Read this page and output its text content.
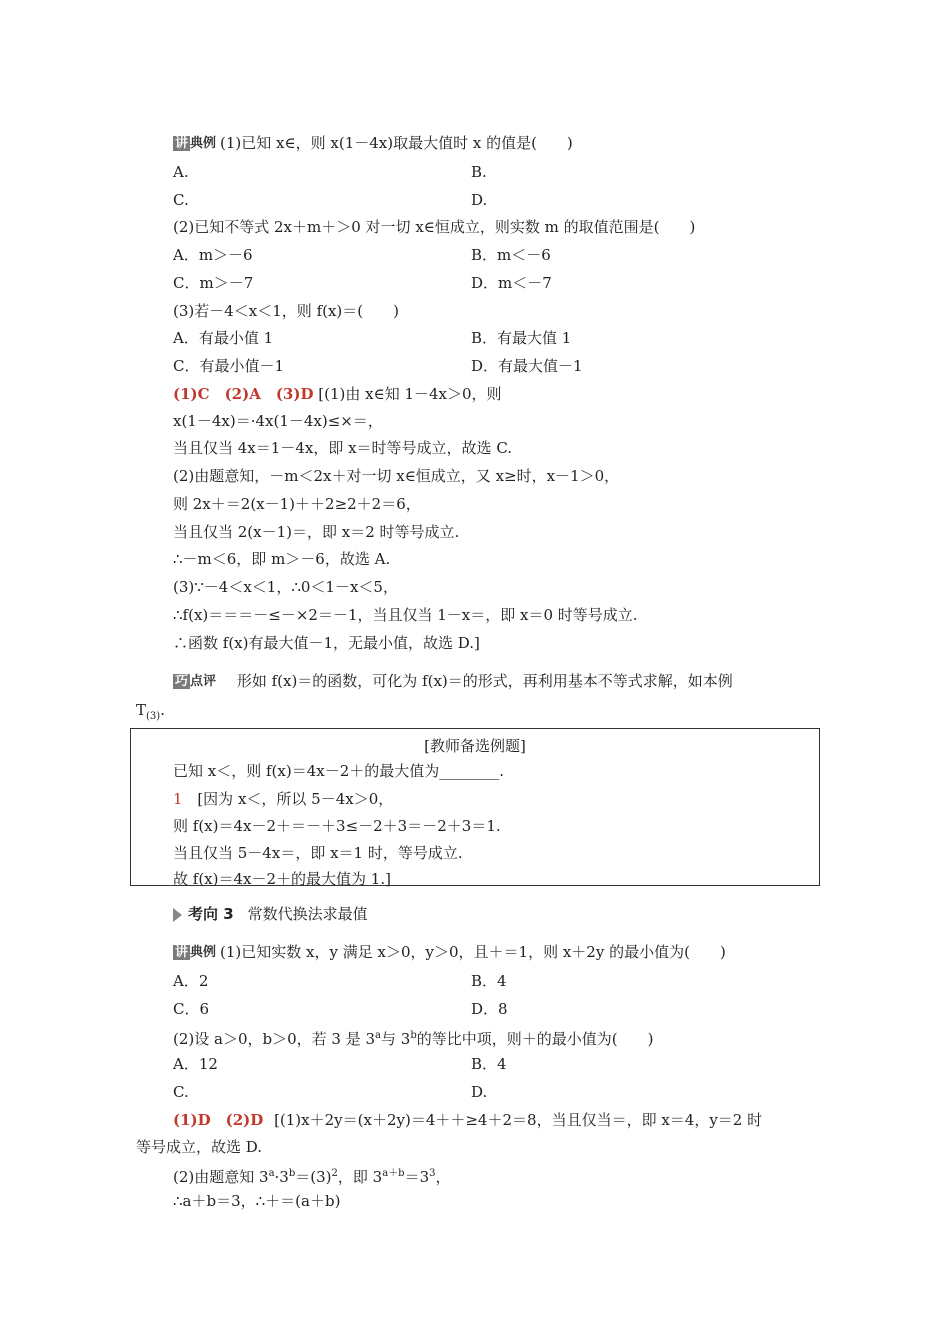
讲 典例 (1)已知 x∈，则 x(1－4x)取最大值时 x 的值是(　　)
A.	B.
C.	D.
(2)已知不等式 2x＋m＋＞0 对一切 x∈恒成立，则实数 m 的取值范围是(　　)
A．m＞－6	B．m＜－6
C．m＞－7	D．m＜－7
(3)若－4＜x＜1，则 f(x)＝(　　)
A．有最小值 1	B．有最大值 1
C．有最小值－1	D．有最大值－1
(1)C　(2)A　(3)D [(1)由 x∈知 1－4x＞0，则
x(1－4x)＝·4x(1－4x)≤×＝，
当且仅当 4x＝1－4x，即 x＝时等号成立，故选 C.
(2)由题意知，－m＜2x＋对一切 x∈恒成立，又 x≥时，x－1＞0，
则 2x＋＝2(x－1)＋＋2≥2＋2＝6，
当且仅当 2(x－1)＝，即 x＝2 时等号成立.
∴－m＜6，即 m＞－6，故选 A.
(3)∵－4＜x＜1，∴0＜1－x＜5，
∴f(x)＝＝＝－≤－×2＝－1，当且仅当 1－x＝，即 x＝0 时等号成立.
∴函数 f(x)有最大值－1，无最小值，故选 D.]
巧 点评 形如 f(x)＝的函数，可化为 f(x)＝的形式，再利用基本不等式求解，如本例
$T_{(3)}$.
[教师备选例题]
已知 x＜，则 f(x)＝4x－2＋的最大值为________.
1 [因为 x＜，所以 5－4x＞0，
则 f(x)＝4x－2＋＝－＋3≤－2＋3＝－2＋3＝1.
当且仅当 5－4x＝，即 x＝1 时，等号成立.
故 f(x)＝4x－2＋的最大值为 1.]
考向 3 常数代换法求最值
讲 典例 (1)已知实数 x，y 满足 x＞0，y＞0，且＋＝1，则 x＋2y 的最小值为(　　)
A．2	B．4
C．6	D．8
(2)设 a＞0，b＞0，若 3 是 3$^a$与 3$^b$的等比中项，则＋的最小值为(　　)
A．12	B．4
C.	D.
(1)D　(2)D [(1)x＋2y＝(x＋2y)＝4＋＋≥4＋2＝8，当且仅当＝，即 x＝4，y＝2 时
等号成立，故选 D.
(2)由题意知 $3^a\cdot 3^b=(3)^2$，即 $3^{a+b}=3^3$，
∴a＋b＝3，∴＋＝(a＋b)
